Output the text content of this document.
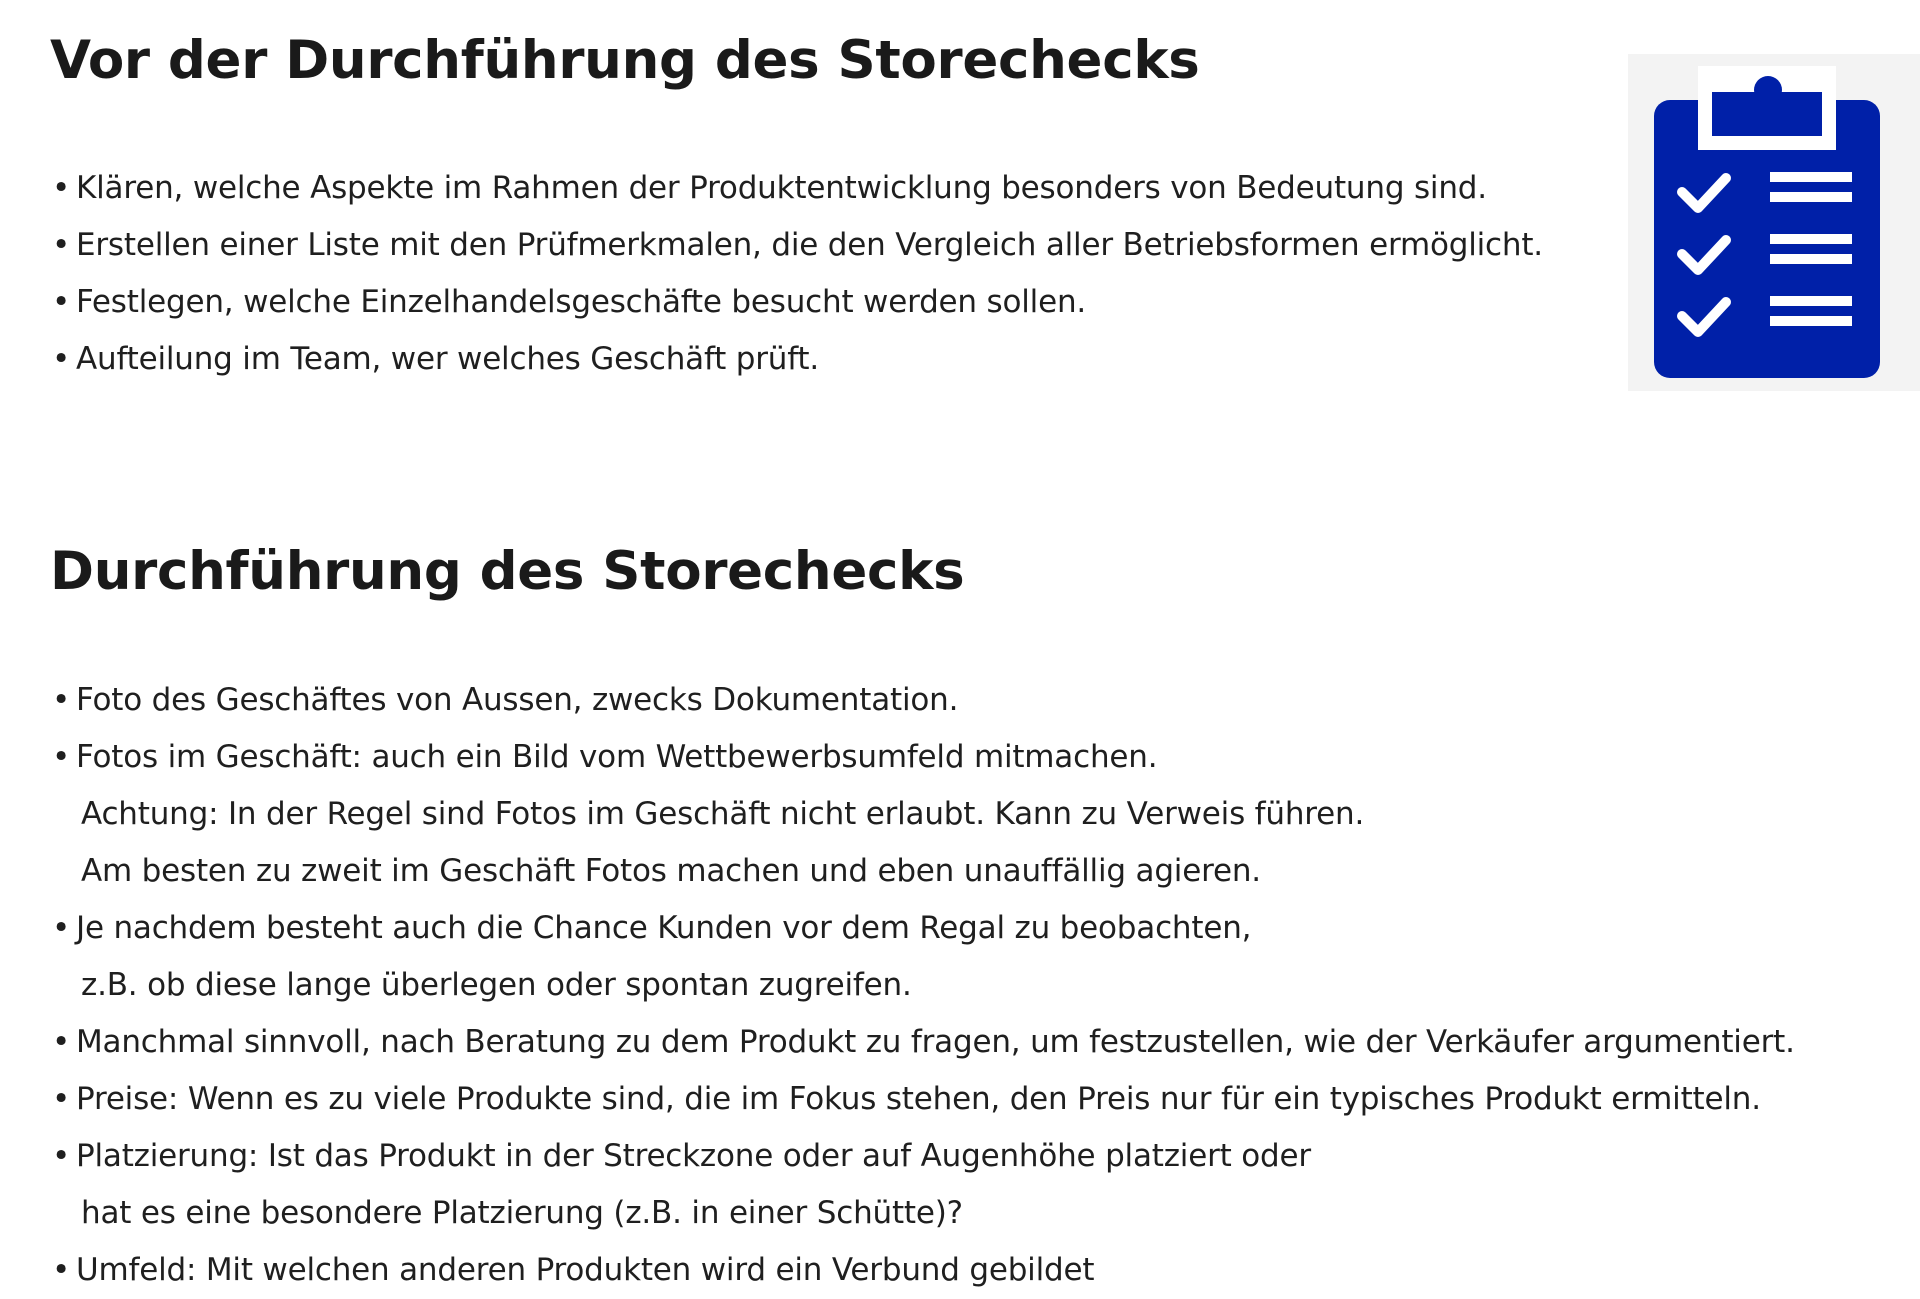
Vor der Durchführung des Storechecks
• Klären, welche Aspekte im Rahmen der Produktentwicklung besonders von Bedeutung sind.
• Erstellen einer Liste mit den Prüfmerkmalen, die den Vergleich aller Betriebsformen ermöglicht.
• Festlegen, welche Einzelhandelsgeschäfte besucht werden sollen.
• Aufteilung im Team, wer welches Geschäft prüft.
Durchführung des Storechecks
• Foto des Geschäftes von Aussen, zwecks Dokumentation.
• Fotos im Geschäft: auch ein Bild vom Wettbewerbsumfeld mitmachen.
Achtung: In der Regel sind Fotos im Geschäft nicht erlaubt. Kann zu Verweis führen.
Am besten zu zweit im Geschäft Fotos machen und eben unauffällig agieren.
• Je nachdem besteht auch die Chance Kunden vor dem Regal zu beobachten,
z.B. ob diese lange überlegen oder spontan zugreifen.
• Manchmal sinnvoll, nach Beratung zu dem Produkt zu fragen, um festzustellen, wie der Verkäufer argumentiert.
• Preise: Wenn es zu viele Produkte sind, die im Fokus stehen, den Preis nur für ein typisches Produkt ermitteln.
• Platzierung: Ist das Produkt in der Streckzone oder auf Augenhöhe platziert oder
hat es eine besondere Platzierung (z.B. in einer Schütte)?
• Umfeld: Mit welchen anderen Produkten wird ein Verbund gebildet
